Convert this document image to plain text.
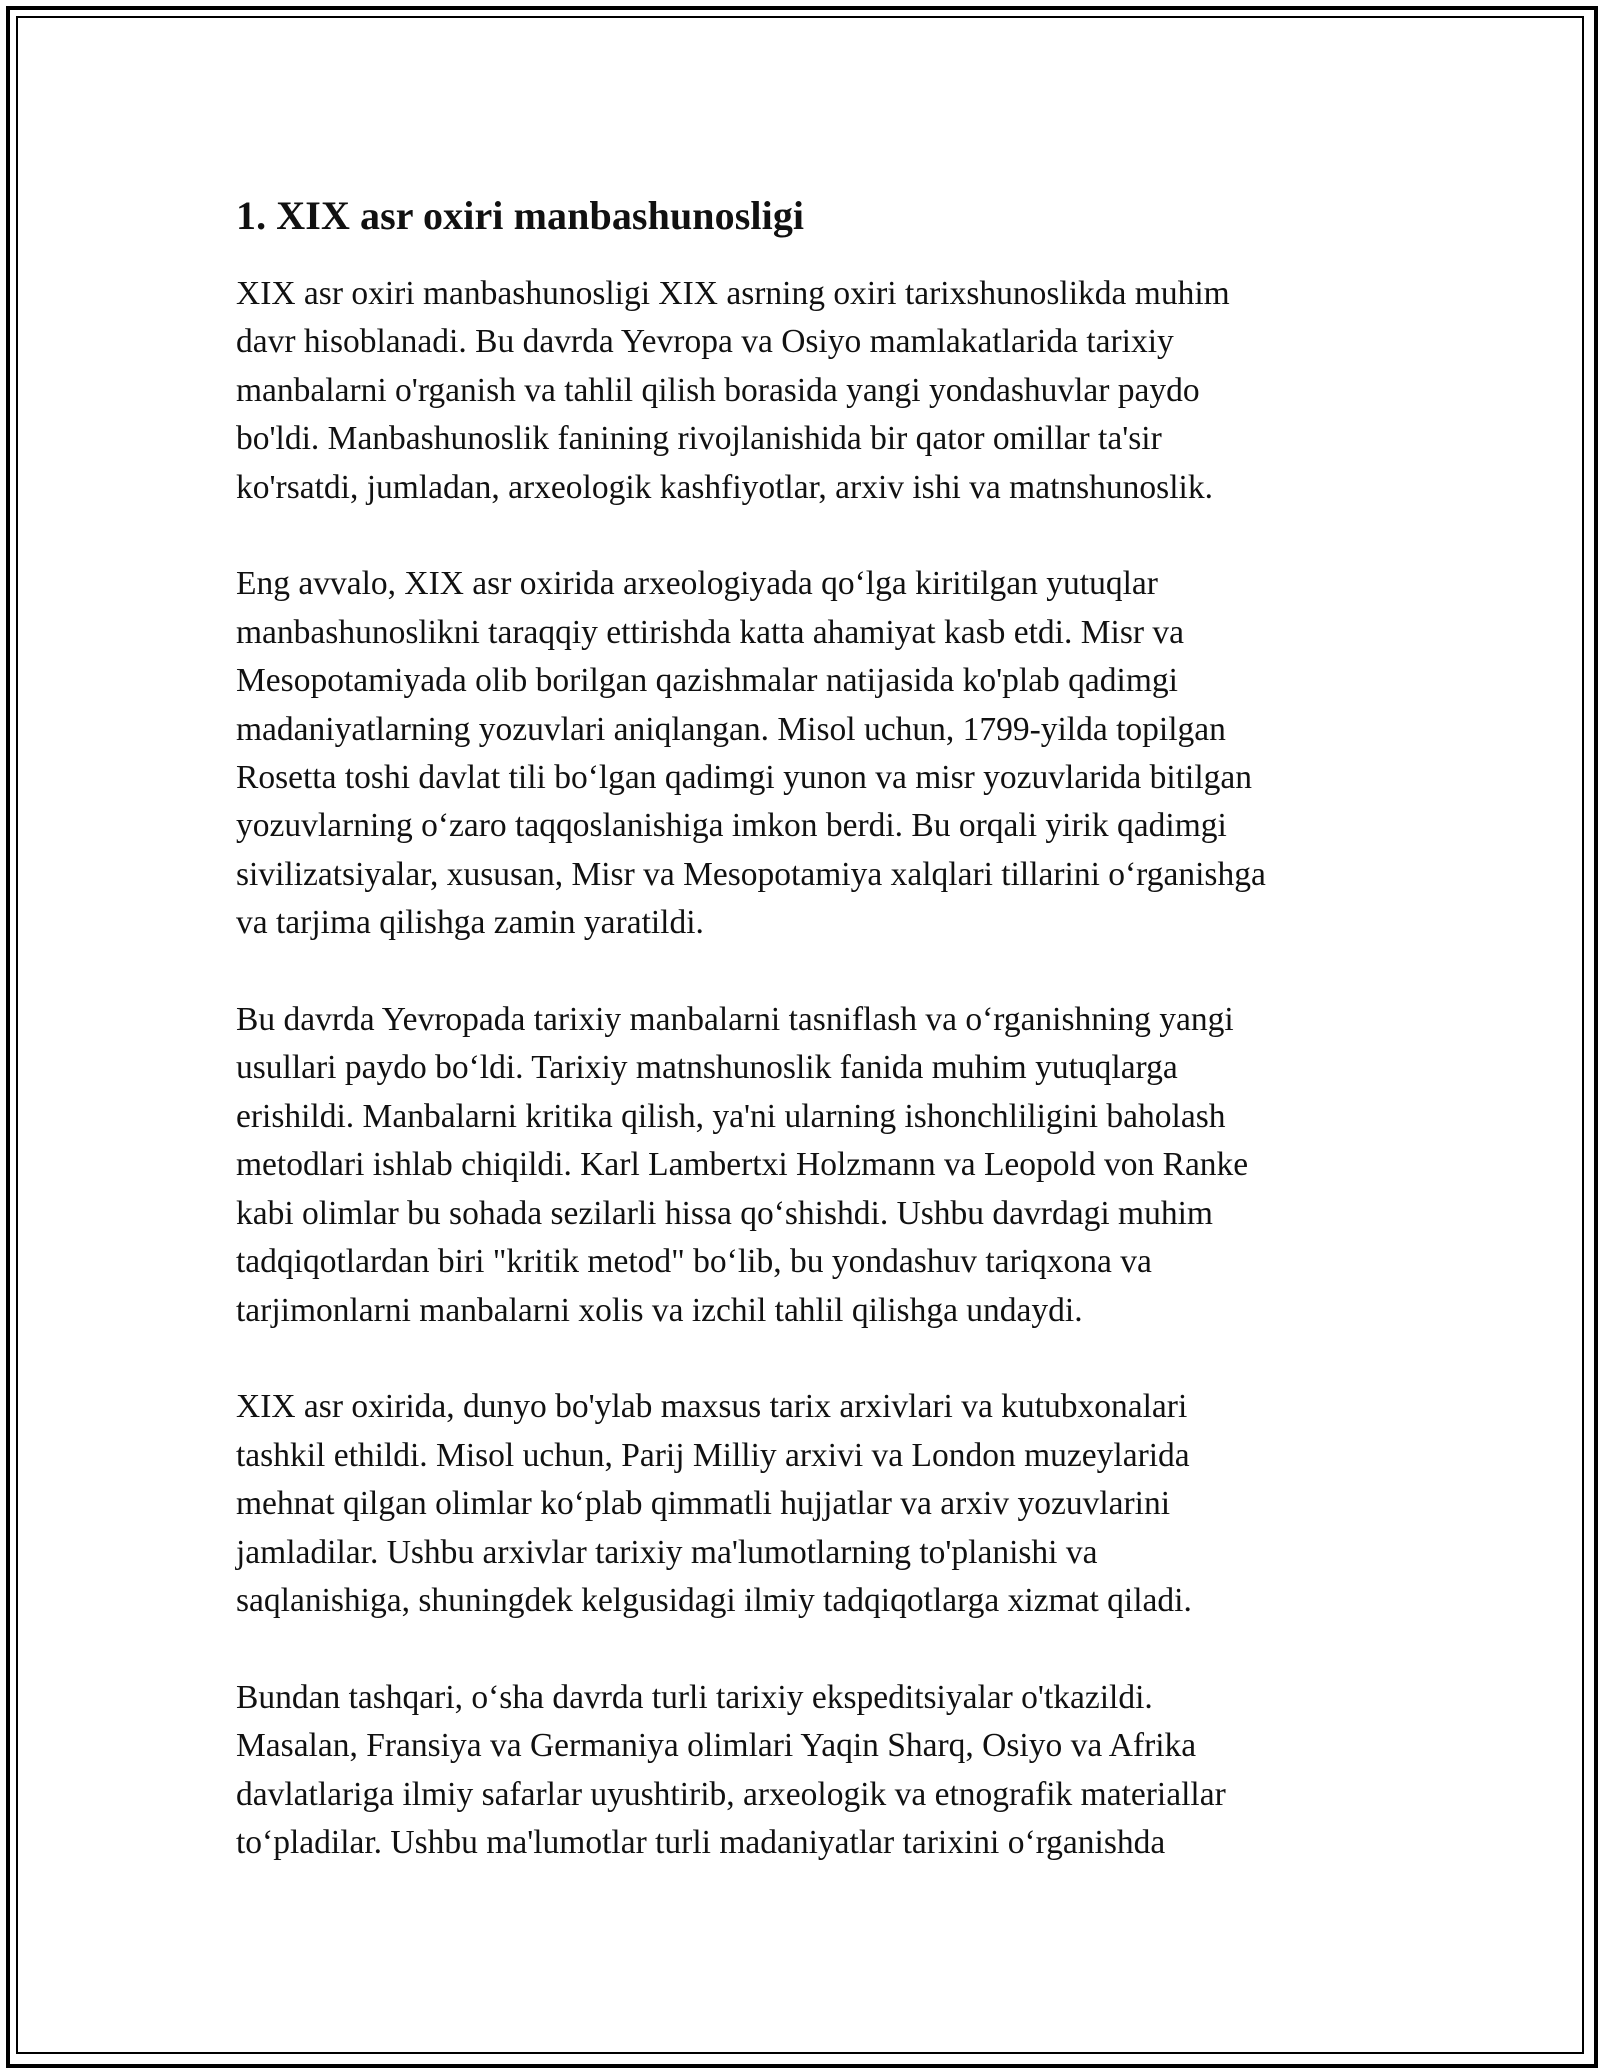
1. XIX asr oxiri manbashunosligi

XIX asr oxiri manbashunosligi XIX asrning oxiri tarixshunoslikda muhim
davr hisoblanadi. Bu davrda Yevropa va Osiyo mamlakatlarida tarixiy
manbalarni o'rganish va tahlil qilish borasida yangi yondashuvlar paydo
bo'ldi. Manbashunoslik fanining rivojlanishida bir qator omillar ta'sir
ko'rsatdi, jumladan, arxeologik kashfiyotlar, arxiv ishi va matnshunoslik.

Eng avvalo, XIX asr oxirida arxeologiyada qo‘lga kiritilgan yutuqlar
manbashunoslikni taraqqiy ettirishda katta ahamiyat kasb etdi. Misr va
Mesopotamiyada olib borilgan qazishmalar natijasida ko'plab qadimgi
madaniyatlarning yozuvlari aniqlangan. Misol uchun, 1799-yilda topilgan
Rosetta toshi davlat tili bo‘lgan qadimgi yunon va misr yozuvlarida bitilgan
yozuvlarning o‘zaro taqqoslanishiga imkon berdi. Bu orqali yirik qadimgi
sivilizatsiyalar, xususan, Misr va Mesopotamiya xalqlari tillarini o‘rganishga
va tarjima qilishga zamin yaratildi.

Bu davrda Yevropada tarixiy manbalarni tasniflash va o‘rganishning yangi
usullari paydo bo‘ldi. Tarixiy matnshunoslik fanida muhim yutuqlarga
erishildi. Manbalarni kritika qilish, ya'ni ularning ishonchliligini baholash
metodlari ishlab chiqildi. Karl Lambertxi Holzmann va Leopold von Ranke
kabi olimlar bu sohada sezilarli hissa qo‘shishdi. Ushbu davrdagi muhim
tadqiqotlardan biri "kritik metod" bo‘lib, bu yondashuv tariqxona va
tarjimonlarni manbalarni xolis va izchil tahlil qilishga undaydi.

XIX asr oxirida, dunyo bo'ylab maxsus tarix arxivlari va kutubxonalari
tashkil ethildi. Misol uchun, Parij Milliy arxivi va London muzeylarida
mehnat qilgan olimlar ko‘plab qimmatli hujjatlar va arxiv yozuvlarini
jamladilar. Ushbu arxivlar tarixiy ma'lumotlarning to'planishi va
saqlanishiga, shuningdek kelgusidagi ilmiy tadqiqotlarga xizmat qiladi.

Bundan tashqari, o‘sha davrda turli tarixiy ekspeditsiyalar o'tkazildi.
Masalan, Fransiya va Germaniya olimlari Yaqin Sharq, Osiyo va Afrika
davlatlariga ilmiy safarlar uyushtirib, arxeologik va etnografik materiallar
to‘pladilar. Ushbu ma'lumotlar turli madaniyatlar tarixini o‘rganishda
